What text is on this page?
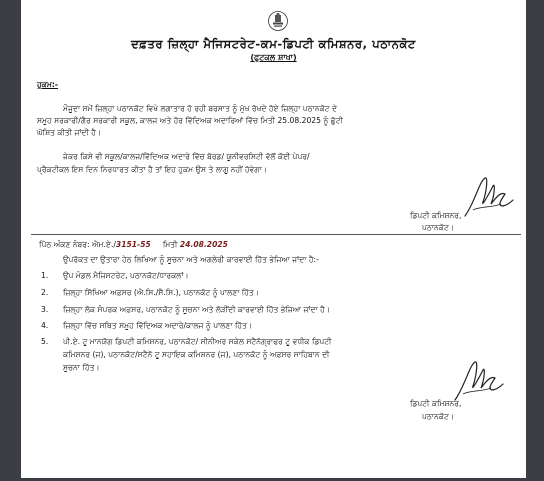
ਦਫ਼ਤਰ ਜ਼ਿਲ੍ਹਾ ਮੈਜਿਸਟਰੇਟ-ਕਮ-ਡਿਪਟੀ ਕਮਿਸ਼ਨਰ, ਪਠਾਨਕੋਟ
(ਫੁਟਕਲ ਸ਼ਾਖਾ)
ਹੁਕਮ:-
ਮੌਜੂਦਾ ਸਮੇਂ ਜ਼ਿਲ੍ਹਾ ਪਠਾਨਕੋਟ ਵਿਖੇ ਲਗਾਤਾਰ ਹੋ ਰਹੀ ਬਰਸਾਤ ਨੂੰ ਮੁੱਖ ਰੱਖਦੇ ਹੋਏ ਜ਼ਿਲ੍ਹਾ ਪਠਾਨਕੋਟ ਦੇ
ਸਮੂਹ ਸਰਕਾਰੀ/ਗੈਰ ਸਰਕਾਰੀ ਸਕੂਲ, ਕਾਲਜ ਅਤੇ ਹੋਰ ਵਿੱਦਿਅਕ ਅਦਾਰਿਆਂ ਵਿੱਚ ਮਿਤੀ 25.08.2025 ਨੂੰ ਛੁੱਟੀ
ਘੋਸ਼ਿਤ ਕੀਤੀ ਜਾਂਦੀ ਹੈ।
ਜੇਕਰ ਕਿਸੇ ਵੀ ਸਕੂਲ/ਕਾਲਜ/ਵਿੱਦਿਅਕ ਅਦਾਰੇ ਵਿੱਚ ਬੋਰਡ/ ਯੂਨੀਵਰਸਿਟੀ ਵੱਲੋਂ ਕੋਈ ਪੇਪਰ/
ਪ੍ਰੈਕਟੀਕਲ ਇਸ ਦਿਨ ਨਿਰਧਾਰਤ ਕੀਤਾ ਹੈ ਤਾਂ ਇਹ ਹੁਕਮ ਉਸ ਤੇ ਲਾਗੂ ਨਹੀਂ ਹੋਵੇਗਾ।
ਡਿਪਟੀ ਕਮਿਸ਼ਨਰ,
ਪਠਾਨਕੋਟ।
ਪਿੱਠ ਅੰਕਣ ਨੰਬਰ: ਐਮ.ਏ./3151-55 ਮਿਤੀ 24.08.2025
ਉਪਰੋਕਤ ਦਾ ਉਤਾਰਾ ਹੇਠ ਲਿਖਿਆ ਨੂੰ ਸੂਚਨਾ ਅਤੇ ਅਗਲੇਰੀ ਕਾਰਵਾਈ ਹਿੱਤ ਭੇਜਿਆ ਜਾਂਦਾ ਹੈ:-
1. ਉਪ ਮੰਡਲ ਮੈਜਿਸਟਰੇਟ, ਪਠਾਨਕੋਟ/ਧਾਰਕਲਾਂ।
2. ਜ਼ਿਲ੍ਹਾ ਸਿੱਖਿਆ ਅਫ਼ਸਰ (ਐ.ਸਿ./ਸੈ.ਸਿ.), ਪਠਾਨਕੋਟ ਨੂੰ ਪਾਲਣਾ ਹਿੱਤ।
3. ਜ਼ਿਲ੍ਹਾ ਲੋਕ ਸੰਪਰਕ ਅਫ਼ਸਰ, ਪਠਾਨਕੋਟ ਨੂੰ ਸੂਚਨਾ ਅਤੇ ਲੋੜੀਂਦੀ ਕਾਰਵਾਈ ਹਿੱਤ ਭੇਜਿਆ ਜਾਂਦਾ ਹੈ।
4. ਜ਼ਿਲ੍ਹਾ ਵਿੱਚ ਸਥਿਤ ਸਮੂਹ ਵਿੱਦਿਅਕ ਅਦਾਰੇ/ਕਾਲਜ ਨੂੰ ਪਾਲਣਾ ਹਿੱਤ।
5. ਪੀ.ਏ. ਟੂ ਮਾਨਯੋਗ ਡਿਪਟੀ ਕਮਿਸ਼ਨਰ, ਪਠਾਨਕੋਟ/ ਸੀਨੀਅਰ ਸਕੇਲ ਸਟੈਨੋਗ੍ਰਾਫਰ ਟੂ ਵਧੀਕ ਡਿਪਟੀ
ਕਮਿਸ਼ਨਰ (ਜ), ਪਠਾਨਕੋਟ/ਸਟੈਨੋ ਟੂ ਸਹਾਇਕ ਕਮਿਸ਼ਨਰ (ਜ), ਪਠਾਨਕੋਟ ਨੂੰ ਅਫ਼ਸਰ ਸਾਹਿਬਾਨ ਦੀ
ਸੂਚਨਾ ਹਿੱਤ।
ਡਿਪਟੀ ਕਮਿਸ਼ਨਰ,
ਪਠਾਨਕੋਟ।
